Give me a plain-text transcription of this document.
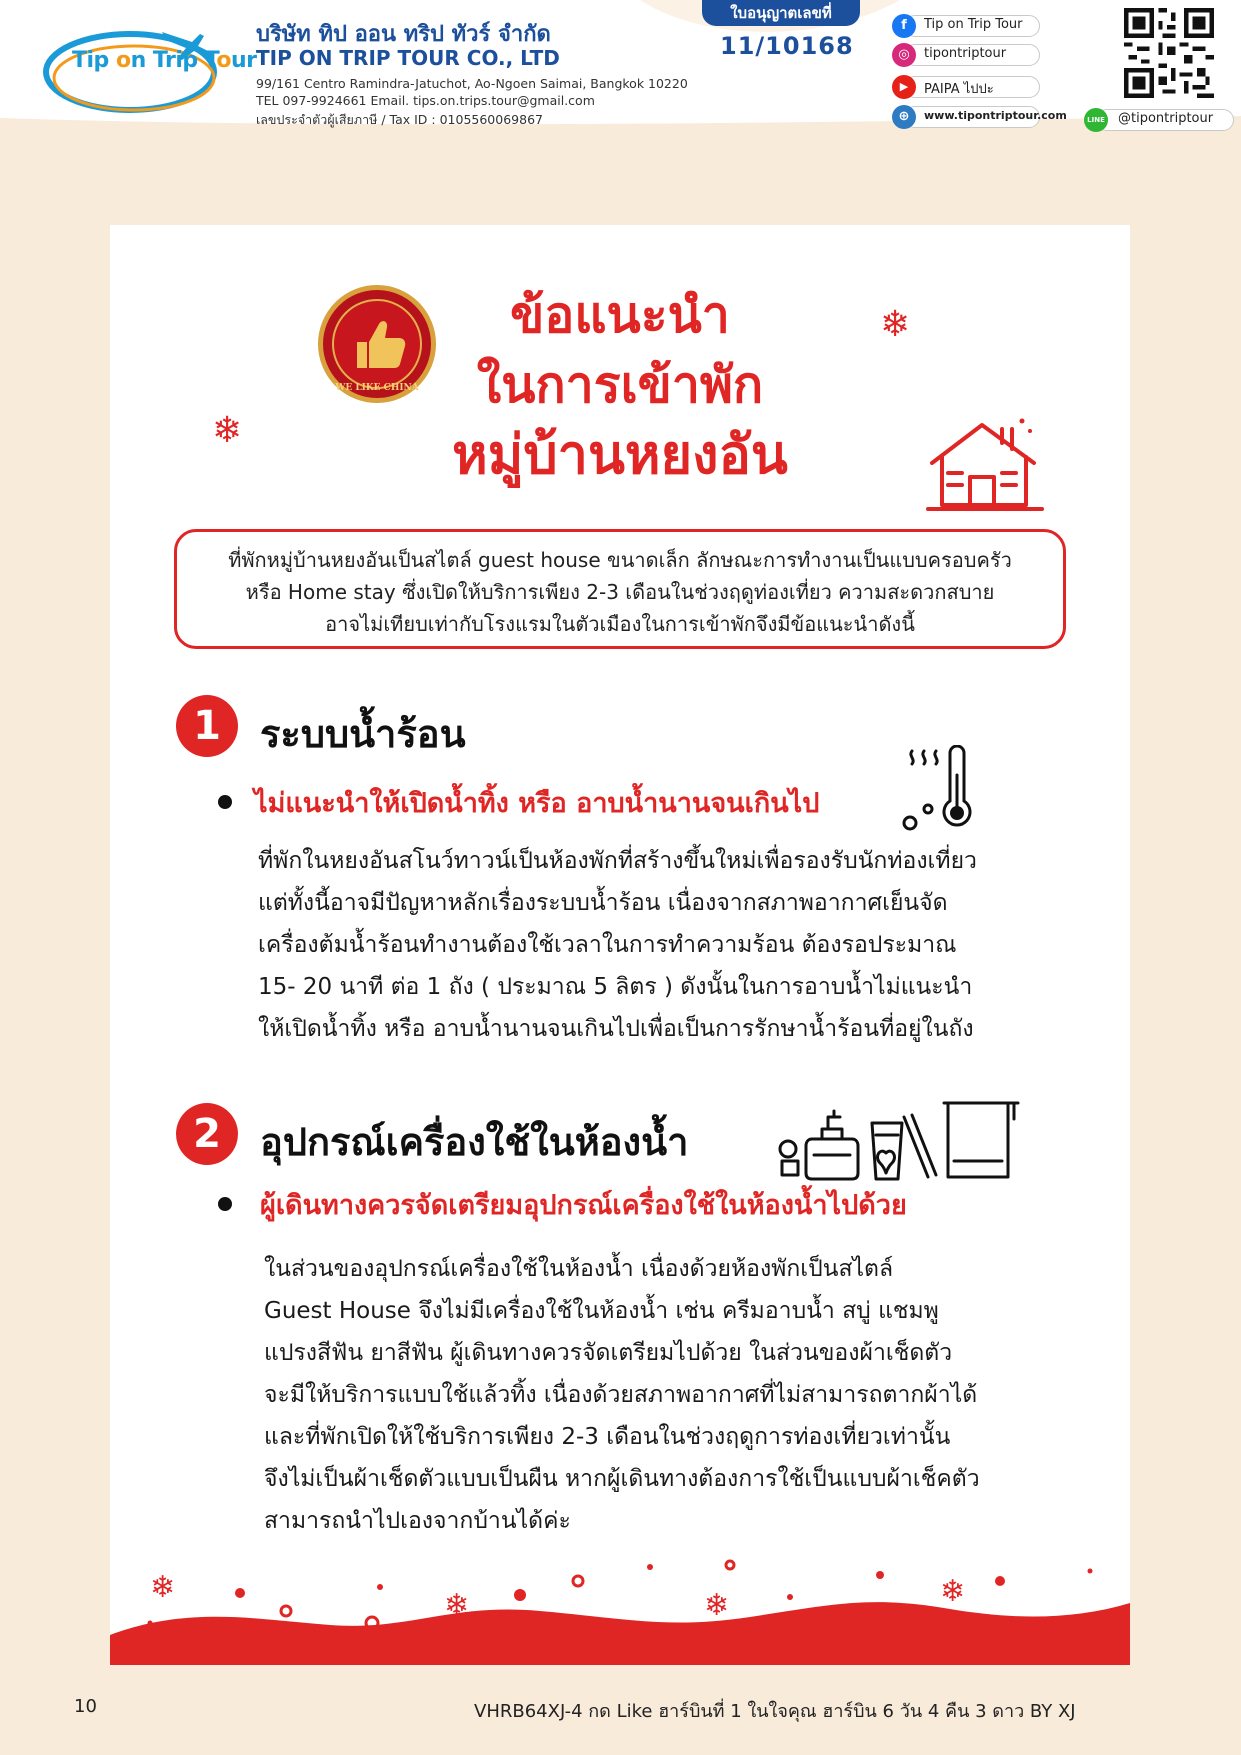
Tip on Trip Tour
บริษัท ทิป ออน ทริป ทัวร์ จำกัด
TIP ON TRIP TOUR CO., LTD
99/161 Centro Ramindra-Jatuchot, Ao-Ngoen Saimai, Bangkok 10220
TEL 097-9924661 Email. tips.on.trips.tour@gmail.com
เลขประจำตัวผู้เสียภาษี / Tax ID : 0105560069867
ใบอนุญาตเลขที่
11/10168
f	Tip on Trip Tour
◎	tipontriptour
▶	PAIPA ไปปะ
⊕	www.tipontriptour.com	LINE @tipontriptour
WE LIKE CHINA
ข้อแนะนำ
ในการเข้าพัก
หมู่บ้านหยงอัน
❄
❄
ที่พักหมู่บ้านหยงอันเป็นสไตล์ guest house ขนาดเล็ก ลักษณะการทำงานเป็นแบบครอบครัว
หรือ Home stay ซึ่งเปิดให้บริการเพียง 2-3 เดือนในช่วงฤดูท่องเที่ยว ความสะดวกสบาย
อาจไม่เทียบเท่ากับโรงแรมในตัวเมืองในการเข้าพักจึงมีข้อแนะนำดังนี้
1	ระบบน้ำร้อน
ไม่แนะนำให้เปิดน้ำทิ้ง หรือ อาบน้ำนานจนเกินไป
ที่พักในหยงอันสโนว์ทาวน์เป็นห้องพักที่สร้างขึ้นใหม่เพื่อรองรับนักท่องเที่ยว
แต่ทั้งนี้อาจมีปัญหาหลักเรื่องระบบน้ำร้อน เนื่องจากสภาพอากาศเย็นจัด
เครื่องต้มน้ำร้อนทำงานต้องใช้เวลาในการทำความร้อน ต้องรอประมาณ
15- 20 นาที ต่อ 1 ถัง ( ประมาณ 5 ลิตร ) ดังนั้นในการอาบน้ำไม่แนะนำ
ให้เปิดน้ำทิ้ง หรือ อาบน้ำนานจนเกินไปเพื่อเป็นการรักษาน้ำร้อนที่อยู่ในถัง
2	อุปกรณ์เครื่องใช้ในห้องน้ำ
ผู้เดินทางควรจัดเตรียมอุปกรณ์เครื่องใช้ในห้องน้ำไปด้วย
ในส่วนของอุปกรณ์เครื่องใช้ในห้องน้ำ เนื่องด้วยห้องพักเป็นสไตล์
Guest House จึงไม่มีเครื่องใช้ในห้องน้ำ เช่น ครีมอาบน้ำ สบู่ แชมพู
แปรงสีฟัน ยาสีฟัน ผู้เดินทางควรจัดเตรียมไปด้วย ในส่วนของผ้าเช็ดตัว
จะมีให้บริการแบบใช้แล้วทิ้ง เนื่องด้วยสภาพอากาศที่ไม่สามารถตากผ้าได้
และที่พักเปิดให้ใช้บริการเพียง 2-3 เดือนในช่วงฤดูการท่องเที่ยวเท่านั้น
จึงไม่เป็นผ้าเช็ดตัวแบบเป็นผืน หากผู้เดินทางต้องการใช้เป็นแบบผ้าเช็คตัว
สามารถนำไปเองจากบ้านได้ค่ะ
❄
❄	❄	❄
10	VHRB64XJ-4 กด Like ฮาร์บินที่ 1 ในใจคุณ ฮาร์บิน 6 วัน 4 คืน 3 ดาว BY XJ
